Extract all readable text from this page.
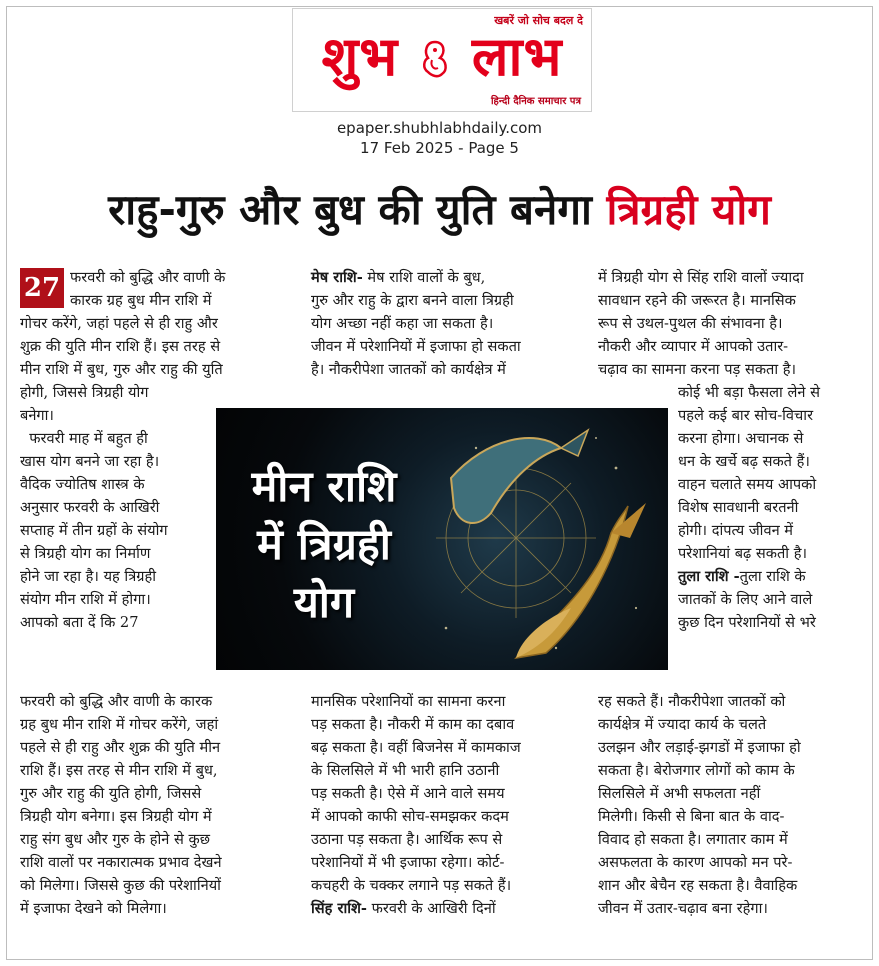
खबरें जो सोच बदल दे
शुभ लाभ
हिन्दी दैनिक समाचार पत्र
epaper.shubhlabhdaily.com
17 Feb 2025 - Page 5
राहु-गुरु और बुध की युति बनेगा त्रिग्रही योग
27 फरवरी को बुद्धि और वाणी के

कारक ग्रह बुध मीन राशि में

गोचर करेंगे, जहां पहले से ही राहु और

शुक्र की युति मीन राशि हैं। इस तरह से

मीन राशि में बुध, गुरु और राहु की युति

होगी, जिससे त्रिग्रही योग

बनेगा।

फरवरी माह में बहुत ही

खास योग बनने जा रहा है।

वैदिक ज्योतिष शास्त्र के

अनुसार फरवरी के आखिरी

सप्ताह में तीन ग्रहों के संयोग

से त्रिग्रही योग का निर्माण

होने जा रहा है। यह त्रिग्रही

संयोग मीन राशि में होगा।

आपको बता दें कि 27

फरवरी को बुद्धि और वाणी के कारक

ग्रह बुध मीन राशि में गोचर करेंगे, जहां

पहले से ही राहु और शुक्र की युति मीन

राशि हैं। इस तरह से मीन राशि में बुध,

गुरु और राहु की युति होगी, जिससे

त्रिग्रही योग बनेगा। इस त्रिग्रही योग में

राहु संग बुध और गुरु के होने से कुछ

राशि वालों पर नकारात्मक प्रभाव देखने

को मिलेगा। जिससे कुछ की परेशानियों

में इजाफा देखने को मिलेगा।

मेष राशि- मेष राशि वालों के बुध,

गुरु और राहु के द्वारा बनने वाला त्रिग्रही

योग अच्छा नहीं कहा जा सकता है।

जीवन में परेशानियों में इजाफा हो सकता

है। नौकरीपेशा जातकों को कार्यक्षेत्र में

मानसिक परेशानियों का सामना करना

पड़ सकता है। नौकरी में काम का दबाव

बढ़ सकता है। वहीं बिजनेस में कामकाज

के सिलसिले में भी भारी हानि उठानी

पड़ सकती है। ऐसे में आने वाले समय

में आपको काफी सोच-समझकर कदम

उठाना पड़ सकता है। आर्थिक रूप से

परेशानियों में भी इजाफा रहेगा। कोर्ट-

कचहरी के चक्कर लगाने पड़ सकते हैं।

सिंह राशि- फरवरी के आखिरी दिनों

में त्रिग्रही योग से सिंह राशि वालों ज्यादा

सावधान रहने की जरूरत है। मानसिक

रूप से उथल-पुथल की संभावना है।

नौकरी और व्यापार में आपको उतार-

चढ़ाव का सामना करना पड़ सकता है।

कोई भी बड़ा फैसला लेने से

पहले कई बार सोच-विचार

करना होगा। अचानक से

धन के खर्चे बढ़ सकते हैं।

वाहन चलाते समय आपको

विशेष सावधानी बरतनी

होगी। दांपत्य जीवन में

परेशानियां बढ़ सकती है।

तुला राशि -तुला राशि के

जातकों के लिए आने वाले

कुछ दिन परेशानियों से भरे

रह सकते हैं। नौकरीपेशा जातकों को

कार्यक्षेत्र में ज्यादा कार्य के चलते

उलझन और लड़ाई-झगडों में इजाफा हो

सकता है। बेरोजगार लोगों को काम के

सिलसिले में अभी सफलता नहीं

मिलेगी। किसी से बिना बात के वाद-

विवाद हो सकता है। लगातार काम में

असफलता के कारण आपको मन परे-

शान और बेचैन रह सकता है। वैवाहिक

जीवन में उतार-चढ़ाव बना रहेगा।

मीन राशि
में त्रिग्रही
योग
